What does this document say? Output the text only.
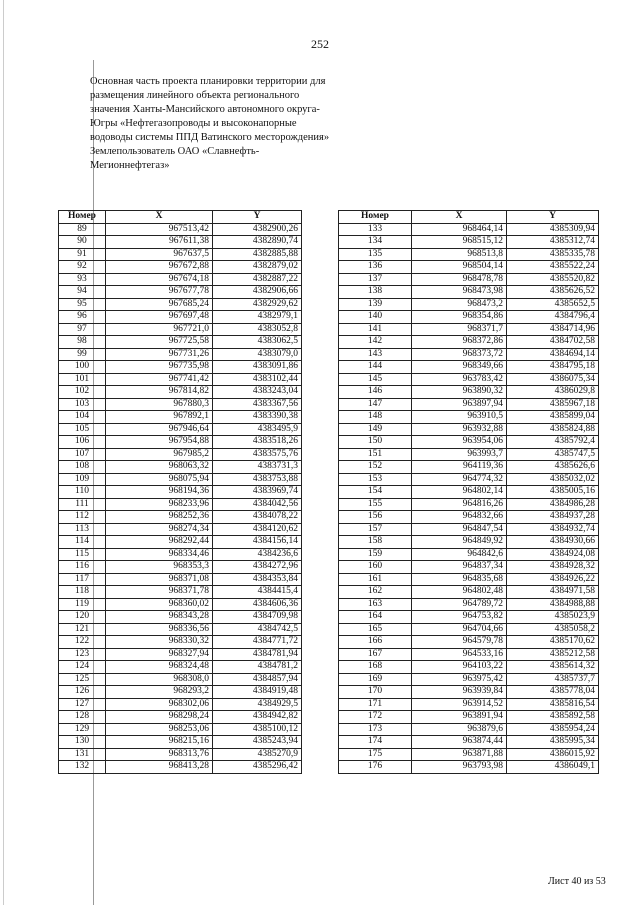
252
Основная часть проекта планировки территории для
размещения линейного объекта регионального
значения Ханты-Мансийского автономного округа-
Югры «Нефтегазопроводы и высоконапорные
водоводы системы ППД Ватинского месторождения»
Землепользователь ОАО «Славнефть-
Мегионнефтегаз»
Номер	X	Y
89	967513,42	4382900,26
90	967611,38	4382890,74
91	967637,5	4382885,88
92	967672,88	4382879,02
93	967674,18	4382887,22
94	967677,78	4382906,66
95	967685,24	4382929,62
96	967697,48	4382979,1
97	967721,0	4383052,8
98	967725,58	4383062,5
99	967731,26	4383079,0
100	967735,98	4383091,86
101	967741,42	4383102,44
102	967814,82	4383243,04
103	967880,3	4383367,56
104	967892,1	4383390,38
105	967946,64	4383495,9
106	967954,88	4383518,26
107	967985,2	4383575,76
108	968063,32	4383731,3
109	968075,94	4383753,88
110	968194,36	4383969,74
111	968233,96	4384042,56
112	968252,36	4384078,22
113	968274,34	4384120,62
114	968292,44	4384156,14
115	968334,46	4384236,6
116	968353,3	4384272,96
117	968371,08	4384353,84
118	968371,78	4384415,4
119	968360,02	4384606,36
120	968343,28	4384709,98
121	968336,56	4384742,5
122	968330,32	4384771,72
123	968327,94	4384781,94
124	968324,48	4384781,2
125	968308,0	4384857,94
126	968293,2	4384919,48
127	968302,06	4384929,5
128	968298,24	4384942,82
129	968253,06	4385100,12
130	968215,16	4385243,94
131	968313,76	4385270,9
132	968413,28	4385296,42
Номер	X	Y
133	968464,14	4385309,94
134	968515,12	4385312,74
135	968513,8	4385335,78
136	968504,14	4385522,24
137	968478,78	4385520,82
138	968473,98	4385626,52
139	968473,2	4385652,5
140	968354,86	4384796,4
141	968371,7	4384714,96
142	968372,86	4384702,58
143	968373,72	4384694,14
144	968349,66	4384795,18
145	963783,42	4386075,34
146	963890,32	4386029,8
147	963897,94	4385967,18
148	963910,5	4385899,04
149	963932,88	4385824,88
150	963954,06	4385792,4
151	963993,7	4385747,5
152	964119,36	4385626,6
153	964774,32	4385032,02
154	964802,14	4385005,16
155	964816,26	4384986,28
156	964832,66	4384937,28
157	964847,54	4384932,74
158	964849,92	4384930,66
159	964842,6	4384924,08
160	964837,34	4384928,32
161	964835,68	4384926,22
162	964802,48	4384971,58
163	964789,72	4384988,88
164	964753,82	4385023,9
165	964704,66	4385058,2
166	964579,78	4385170,62
167	964533,16	4385212,58
168	964103,22	4385614,32
169	963975,42	4385737,7
170	963939,84	4385778,04
171	963914,52	4385816,54
172	963891,94	4385892,58
173	963879,6	4385954,24
174	963874,44	4385995,34
175	963871,88	4386015,92
176	963793,98	4386049,1
Лист 40 из 53
